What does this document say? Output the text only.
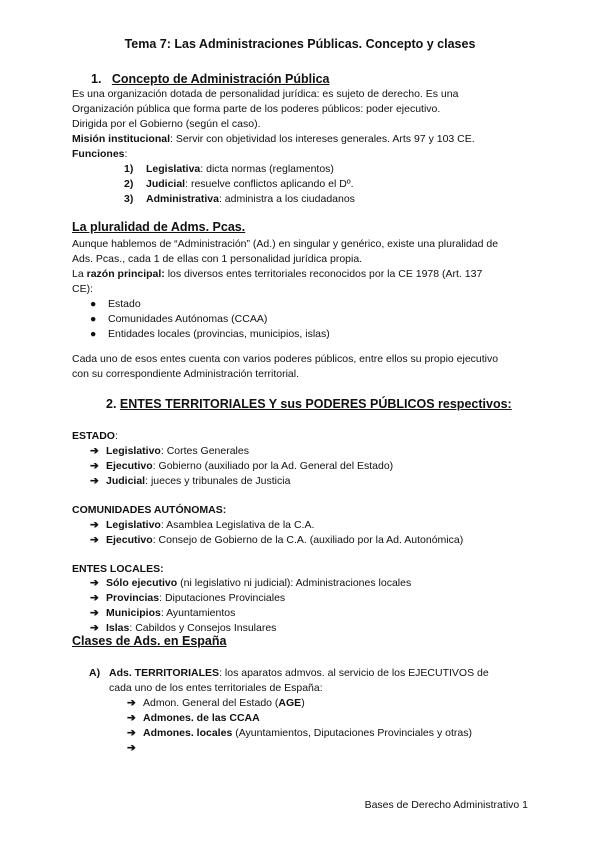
Tema 7: Las Administraciones Públicas. Concepto y clases
1. Concepto de Administración Pública
Es una organización dotada de personalidad jurídica: es sujeto de derecho. Es una
Organización pública que forma parte de los poderes públicos: poder ejecutivo.
Dirigida por el Gobierno (según el caso).
Misión institucional: Servir con objetividad los intereses generales. Arts 97 y 103 CE.
Funciones:
1) Legislativa: dicta normas (reglamentos)
2) Judicial: resuelve conflictos aplicando el Dº.
3) Administrativa: administra a los ciudadanos
La pluralidad de Adms. Pcas.
Aunque hablemos de “Administración” (Ad.) en singular y genérico, existe una pluralidad de
Ads. Pcas., cada 1 de ellas con 1 personalidad jurídica propia.
La razón principal: los diversos entes territoriales reconocidos por la CE 1978 (Art. 137
CE):
● Estado
● Comunidades Autónomas (CCAA)
● Entidades locales (provincias, municipios, islas)
Cada uno de esos entes cuenta con varios poderes públicos, entre ellos su propio ejecutivo
con su correspondiente Administración territorial.
2. ENTES TERRITORIALES Y sus PODERES PÚBLICOS respectivos:
ESTADO:
➔ Legislativo: Cortes Generales
➔ Ejecutivo: Gobierno (auxiliado por la Ad. General del Estado)
➔ Judicial: jueces y tribunales de Justicia
COMUNIDADES AUTÓNOMAS:
➔ Legislativo: Asamblea Legislativa de la C.A.
➔ Ejecutivo: Consejo de Gobierno de la C.A. (auxiliado por la Ad. Autonómica)
ENTES LOCALES:
➔ Sólo ejecutivo (ni legislativo ni judicial): Administraciones locales
➔ Provincias: Diputaciones Provinciales
➔ Municipios: Ayuntamientos
➔ Islas: Cabildos y Consejos Insulares
Clases de Ads. en España
A) Ads. TERRITORIALES: los aparatos admvos. al servicio de los EJECUTIVOS de
cada uno de los entes territoriales de España:
➔ Admon. General del Estado (AGE)
➔ Admones. de las CCAA
➔ Admones. locales (Ayuntamientos, Diputaciones Provinciales y otras)
➔
Bases de Derecho Administrativo 1
